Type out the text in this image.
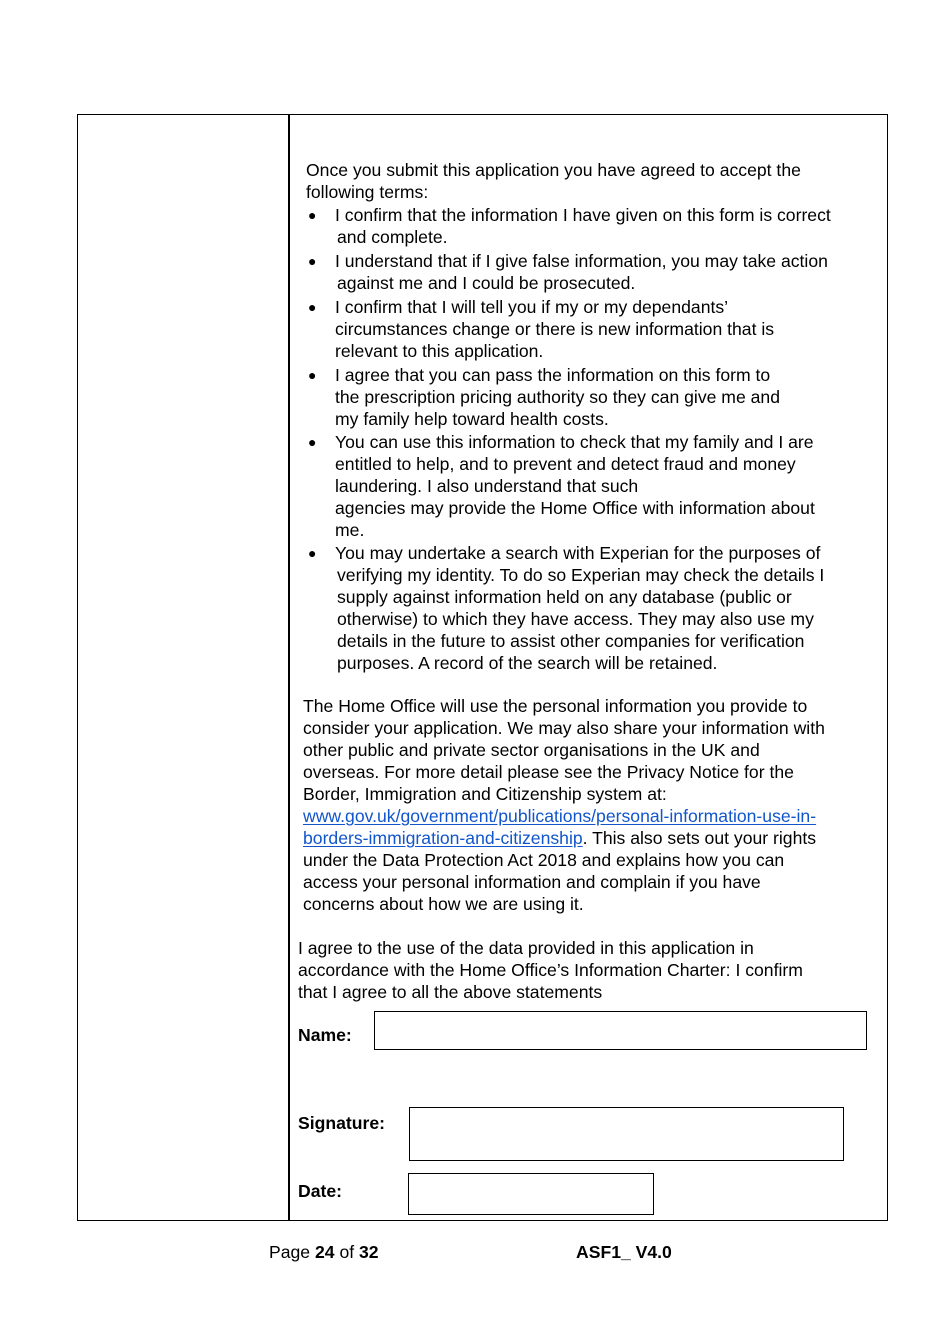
Once you submit this application you have agreed to accept the
following terms:
● I confirm that the information I have given on this form is correct
and complete.
● I understand that if I give false information, you may take action
against me and I could be prosecuted.
● I confirm that I will tell you if my or my dependants’
circumstances change or there is new information that is
relevant to this application.
● I agree that you can pass the information on this form to
the prescription pricing authority so they can give me and
my family help toward health costs.
● You can use this information to check that my family and I are
entitled to help, and to prevent and detect fraud and money
laundering. I also understand that such
agencies may provide the Home Office with information about
me.
● You may undertake a search with Experian for the purposes of
verifying my identity. To do so Experian may check the details I
supply against information held on any database (public or
otherwise) to which they have access. They may also use my
details in the future to assist other companies for verification
purposes. A record of the search will be retained.
The Home Office will use the personal information you provide to
consider your application. We may also share your information with
other public and private sector organisations in the UK and
overseas. For more detail please see the Privacy Notice for the
Border, Immigration and Citizenship system at:
www.gov.uk/government/publications/personal-information-use-in-
borders-immigration-and-citizenship. This also sets out your rights
under the Data Protection Act 2018 and explains how you can
access your personal information and complain if you have
concerns about how we are using it.
I agree to the use of the data provided in this application in
accordance with the Home Office’s Information Charter: I confirm
that I agree to all the above statements
Name:
Signature:
Date:
Page 24 of 32	ASF1_ V4.0
